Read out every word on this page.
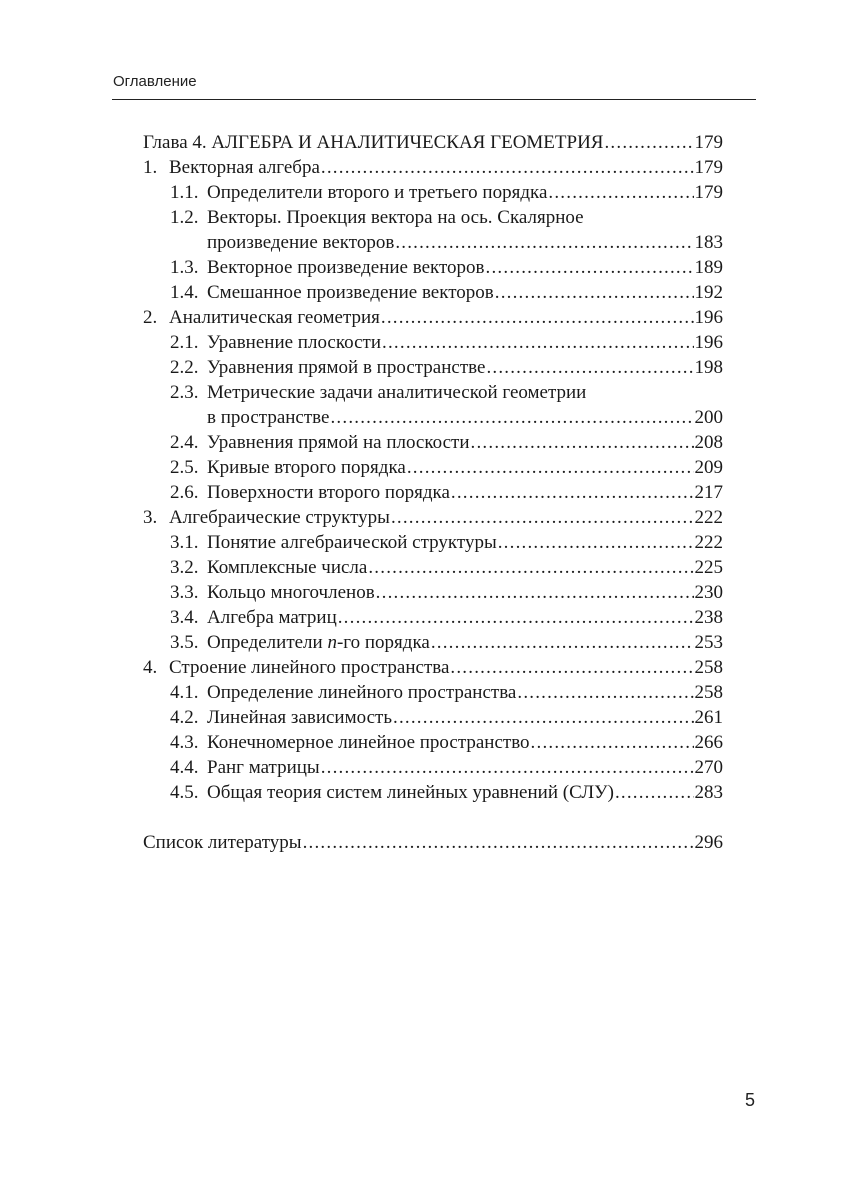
Оглавление
Глава 4. АЛГЕБРА И АНАЛИТИЧЕСКАЯ ГЕОМЕТРИЯ .....	179
1. Векторная алгебра .....	179
1.1. Определители второго и третьего порядка .....	179
1.2. Векторы. Проекция вектора на ось. Скалярное
произведение векторов .....	183
1.3. Векторное произведение векторов .....	189
1.4. Смешанное произведение векторов .....	192
2. Аналитическая геометрия .....	196
2.1. Уравнение плоскости .....	196
2.2. Уравнения прямой в пространстве .....	198
2.3. Метрические задачи аналитической геометрии
в пространстве .....	200
2.4. Уравнения прямой на плоскости .....	208
2.5. Кривые второго порядка .....	209
2.6. Поверхности второго порядка .....	217
3. Алгебраические структуры .....	222
3.1. Понятие алгебраической структуры .....	222
3.2. Комплексные числа .....	225
3.3. Кольцо многочленов .....	230
3.4. Алгебра матриц .....	238
3.5. Определители n-го порядка .....	253
4. Строение линейного пространства .....	258
4.1. Определение линейного пространства .....	258
4.2. Линейная зависимость .....	261
4.3. Конечномерное линейное пространство .....	266
4.4. Ранг матрицы .....	270
4.5. Общая теория систем линейных уравнений (СЛУ) .....	283
Список литературы .....	296
5
